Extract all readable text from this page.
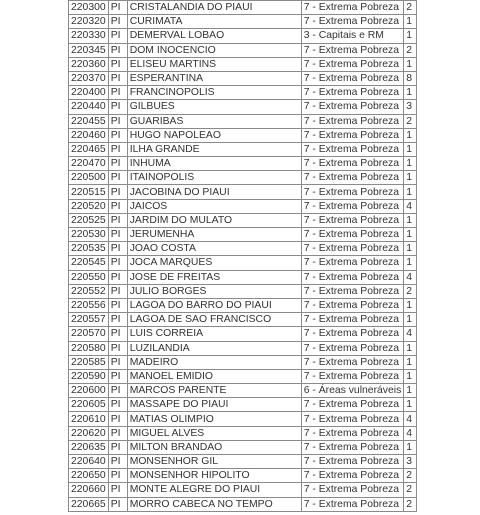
220300	PI	CRISTALANDIA DO PIAUI	7 - Extrema Pobreza	2
220320	PI	CURIMATA	7 - Extrema Pobreza	1
220330	PI	DEMERVAL LOBAO	3 - Capitais e RM	1
220345	PI	DOM INOCENCIO	7 - Extrema Pobreza	2
220360	PI	ELISEU MARTINS	7 - Extrema Pobreza	1
220370	PI	ESPERANTINA	7 - Extrema Pobreza	8
220400	PI	FRANCINOPOLIS	7 - Extrema Pobreza	1
220440	PI	GILBUES	7 - Extrema Pobreza	3
220455	PI	GUARIBAS	7 - Extrema Pobreza	2
220460	PI	HUGO NAPOLEAO	7 - Extrema Pobreza	1
220465	PI	ILHA GRANDE	7 - Extrema Pobreza	1
220470	PI	INHUMA	7 - Extrema Pobreza	1
220500	PI	ITAINOPOLIS	7 - Extrema Pobreza	1
220515	PI	JACOBINA DO PIAUI	7 - Extrema Pobreza	1
220520	PI	JAICOS	7 - Extrema Pobreza	4
220525	PI	JARDIM DO MULATO	7 - Extrema Pobreza	1
220530	PI	JERUMENHA	7 - Extrema Pobreza	1
220535	PI	JOAO COSTA	7 - Extrema Pobreza	1
220545	PI	JOCA MARQUES	7 - Extrema Pobreza	1
220550	PI	JOSE DE FREITAS	7 - Extrema Pobreza	4
220552	PI	JULIO BORGES	7 - Extrema Pobreza	2
220556	PI	LAGOA DO BARRO DO PIAUI	7 - Extrema Pobreza	1
220557	PI	LAGOA DE SAO FRANCISCO	7 - Extrema Pobreza	1
220570	PI	LUIS CORREIA	7 - Extrema Pobreza	4
220580	PI	LUZILANDIA	7 - Extrema Pobreza	1
220585	PI	MADEIRO	7 - Extrema Pobreza	1
220590	PI	MANOEL EMIDIO	7 - Extrema Pobreza	1
220600	PI	MARCOS PARENTE	6 - Áreas vulneráveis	1
220605	PI	MASSAPE DO PIAUI	7 - Extrema Pobreza	1
220610	PI	MATIAS OLIMPIO	7 - Extrema Pobreza	4
220620	PI	MIGUEL ALVES	7 - Extrema Pobreza	4
220635	PI	MILTON BRANDAO	7 - Extrema Pobreza	1
220640	PI	MONSENHOR GIL	7 - Extrema Pobreza	3
220650	PI	MONSENHOR HIPOLITO	7 - Extrema Pobreza	2
220660	PI	MONTE ALEGRE DO PIAUI	7 - Extrema Pobreza	2
220665	PI	MORRO CABECA NO TEMPO	7 - Extrema Pobreza	2
